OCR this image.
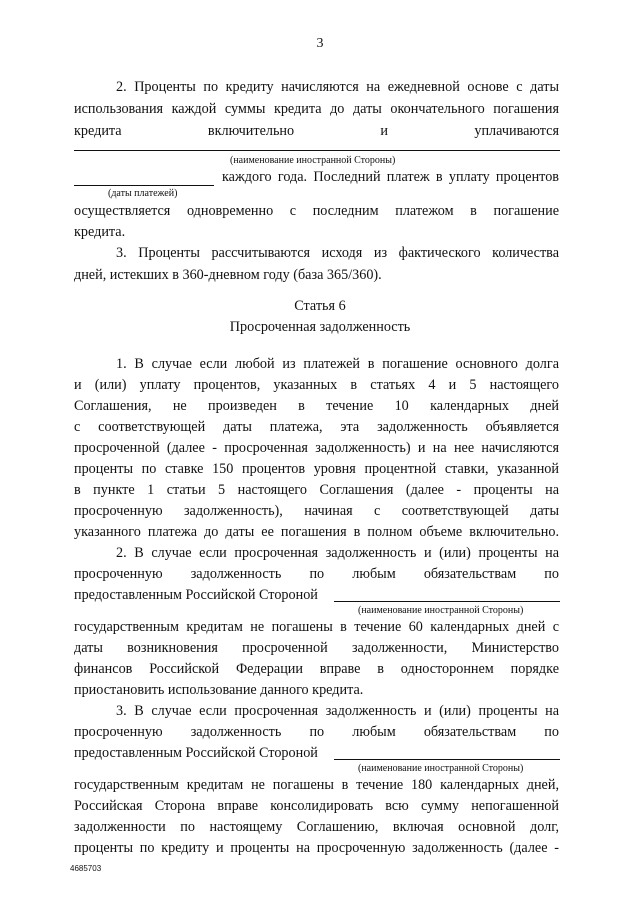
3
2. Проценты по кредиту начисляются на ежедневной основе с даты
использования каждой суммы кредита до даты окончательного погашения
кредита включительно и уплачиваются
(наименование иностранной Стороны)
каждого года. Последний платеж в уплату процентов
(даты платежей)
осуществляется одновременно с последним платежом в погашение
кредита.
3. Проценты рассчитываются исходя из фактического количества
дней, истекших в 360-дневном году (база 365/360).
Статья 6
Просроченная задолженность
1. В случае если любой из платежей в погашение основного долга
и (или) уплату процентов, указанных в статьях 4 и 5 настоящего
Соглашения, не произведен в течение 10 календарных дней
с соответствующей даты платежа, эта задолженность объявляется
просроченной (далее - просроченная задолженность) и на нее начисляются
проценты по ставке 150 процентов уровня процентной ставки, указанной
в пункте 1 статьи 5 настоящего Соглашения (далее - проценты на
просроченную задолженность), начиная с соответствующей даты
указанного платежа до даты ее погашения в полном объеме включительно.
2. В случае если просроченная задолженность и (или) проценты на
просроченную задолженность по любым обязательствам по
предоставленным Российской Стороной
(наименование иностранной Стороны)
государственным кредитам не погашены в течение 60 календарных дней с
даты возникновения просроченной задолженности, Министерство
финансов Российской Федерации вправе в одностороннем порядке
приостановить использование данного кредита.
3. В случае если просроченная задолженность и (или) проценты на
просроченную задолженность по любым обязательствам по
предоставленным Российской Стороной
(наименование иностранной Стороны)
государственным кредитам не погашены в течение 180 календарных дней,
Российская Сторона вправе консолидировать всю сумму непогашенной
задолженности по настоящему Соглашению, включая основной долг,
проценты по кредиту и проценты на просроченную задолженность (далее -
4685703
